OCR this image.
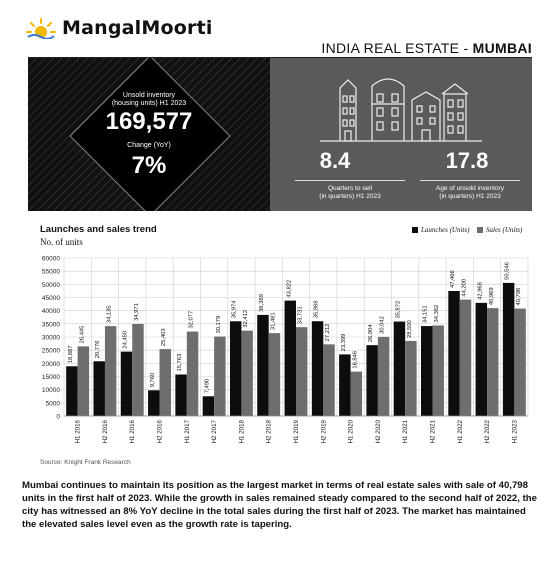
MangalMoorti
INDIA REAL ESTATE - MUMBAI
Unsold inventory
(housing units) H1 2023
169,577
Change (YoY)
7%	8.4
Quarters to sell
(in quarters) H1 2023
17.8
Age of unsold inventory
(in quarters) H1 2023
Launches and sales trend
No. of units
Launches (Units) Sales (Units)
0
5000
10000
15000
20000
25000
30000
35000
40000
45000
50000
55000
60000
18,887
26,445
H1 2016
20,776
34,135
H2 2016
24,450
34,971
H1 2016
9,760
25,403
H2 2016
15,763
32,077
H1 2017
7,490
30,179
H2 2017
35,974
32,412
H1 2018
38,389
31,481
H2 2018
43,822
33,731
H1 2019
35,988
27,212
H2 2019
23,399
16,846
H1 2020
26,904 30,042
H2 2020
35,872
28,500
H1 2021
34,151 34,382
H2 2021
47,466 44,200
H1 2022
42,968 40,969
H2 2022
50,546
40,798
H1 2023
Source: Knight Frank Research
Mumbai continues to maintain its position as the largest market in terms of real estate sales with sale of 40,798 units in the first half of 2023. While the growth in sales remained steady compared to the second half of 2022, the city has witnessed an 8% YoY decline in the total sales during the first half of 2023. The market has maintained the elevated sales level even as the growth rate is tapering.
